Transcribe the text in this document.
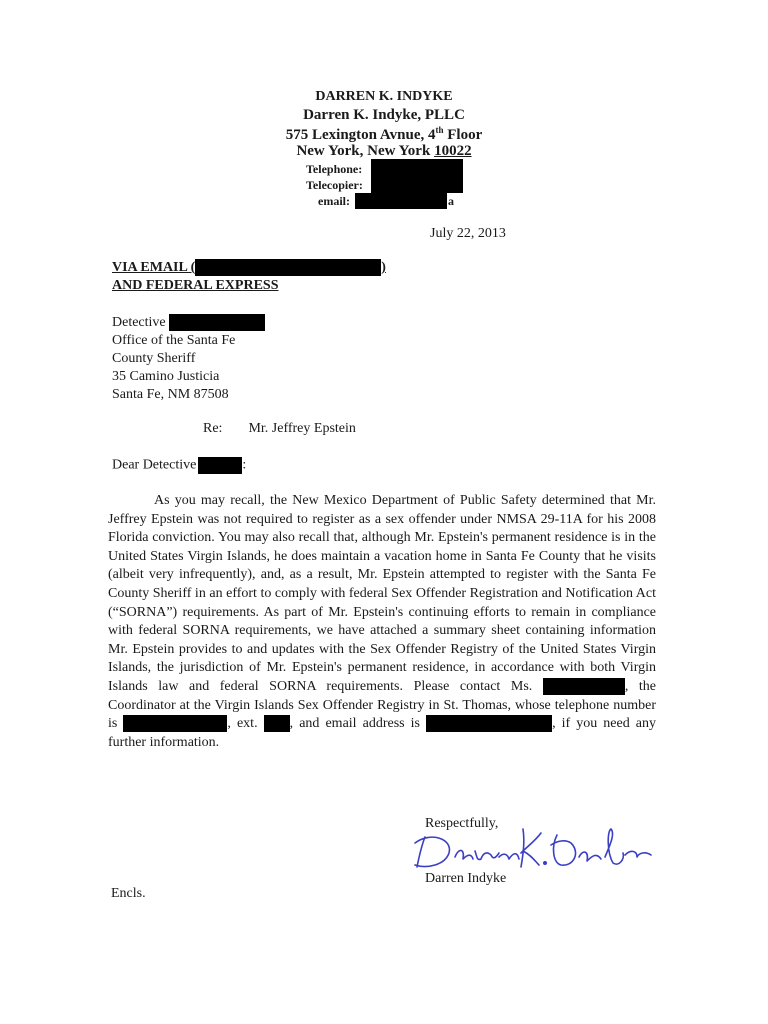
DARREN K. INDYKE
Darren K. Indyke, PLLC
575 Lexington Avnue, 4th Floor
New York, New York 10022
Telephone:
Telecopier:
email:	a
July 22, 2013
VIA EMAIL (	)
AND FEDERAL EXPRESS
Detective
Office of the Santa Fe
County Sheriff
35 Camino Justicia
Santa Fe, NM 87508
Re: Mr. Jeffrey Epstein
Dear Detective	:
As you may recall, the New Mexico Department of Public Safety determined that Mr. Jeffrey Epstein was not required to register as a sex offender under NMSA 29-11A for his 2008 Florida conviction. You may also recall that, although Mr. Epstein's permanent residence is in the United States Virgin Islands, he does maintain a vacation home in Santa Fe County that he visits (albeit very infrequently), and, as a result, Mr. Epstein attempted to register with the Santa Fe County Sheriff in an effort to comply with federal Sex Offender Registration and Notification Act (“SORNA”) requirements. As part of Mr. Epstein's continuing efforts to remain in compliance with federal SORNA requirements, we have attached a summary sheet containing information Mr. Epstein provides to and updates with the Sex Offender Registry of the United States Virgin Islands, the jurisdiction of Mr. Epstein's permanent residence, in accordance with both Virgin Islands law and federal SORNA requirements. Please contact Ms.	, the Coordinator at the Virgin Islands Sex Offender Registry in St. Thomas, whose telephone number is	, ext. , and email address is	, if you need any further information.
Respectfully,
Darren Indyke
Encls.
